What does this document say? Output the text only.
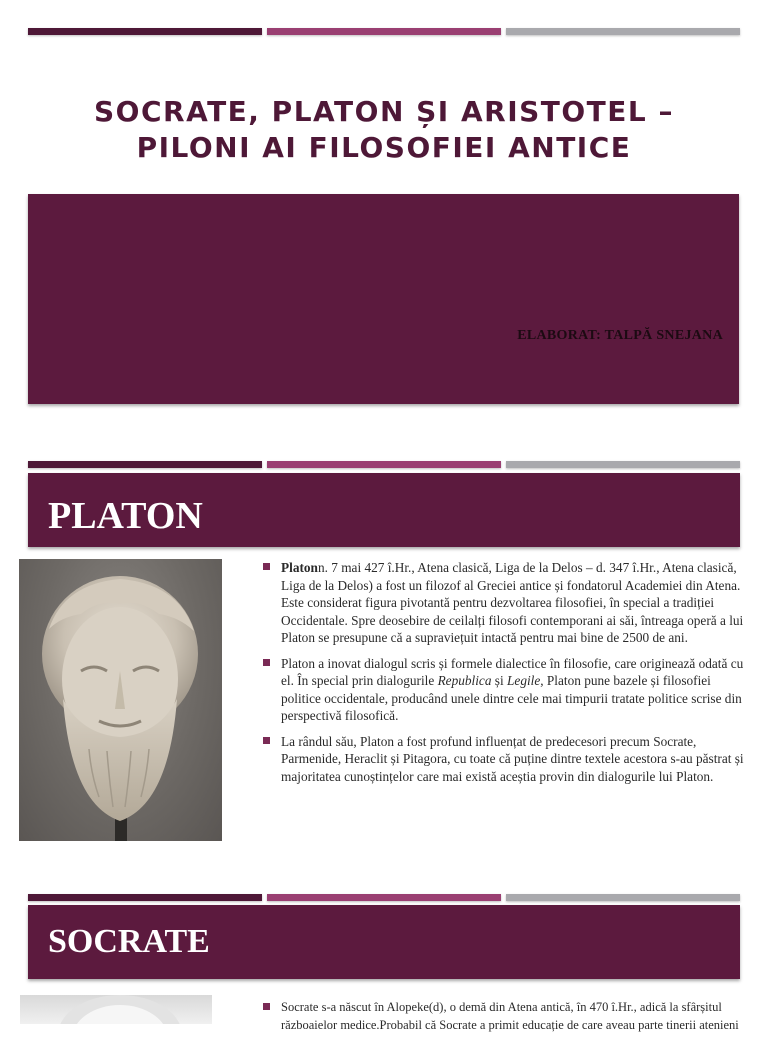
SOCRATE, PLATON ȘI ARISTOTEL – PILONI AI FILOSOFIEI ANTICE
ELABORAT: TALPĂ SNEJANA
PLATON
Platonn. 7 mai 427 î.Hr., Atena clasică, Liga de la Delos – d. 347 î.Hr., Atena clasică, Liga de la Delos) a fost un filozof al Greciei antice și fondatorul Academiei din Atena. Este considerat figura pivotantă pentru dezvoltarea filosofiei, în special a tradiției Occidentale. Spre deosebire de ceilalți filosofi contemporani ai săi, întreaga operă a lui Platon se presupune că a supraviețuit intactă pentru mai bine de 2500 de ani.
Platon a inovat dialogul scris și formele dialectice în filosofie, care originează odată cu el. În special prin dialogurile Republica și Legile, Platon pune bazele și filosofiei politice occidentale, producând unele dintre cele mai timpurii tratate politice scrise din perspectivă filosofică.
La rândul său, Platon a fost profund influențat de predecesori precum Socrate, Parmenide, Heraclit și Pitagora, cu toate că puține dintre textele acestora s-au păstrat și majoritatea cunoștințelor care mai există aceștia provin din dialogurile lui Platon.
SOCRATE
Socrate s-a născut în Alopeke(d), o demă din Atena antică, în 470 î.Hr., adică la sfârșitul războaielor medice.Probabil că Socrate a primit educație de care aveau parte tinerii atenieni
